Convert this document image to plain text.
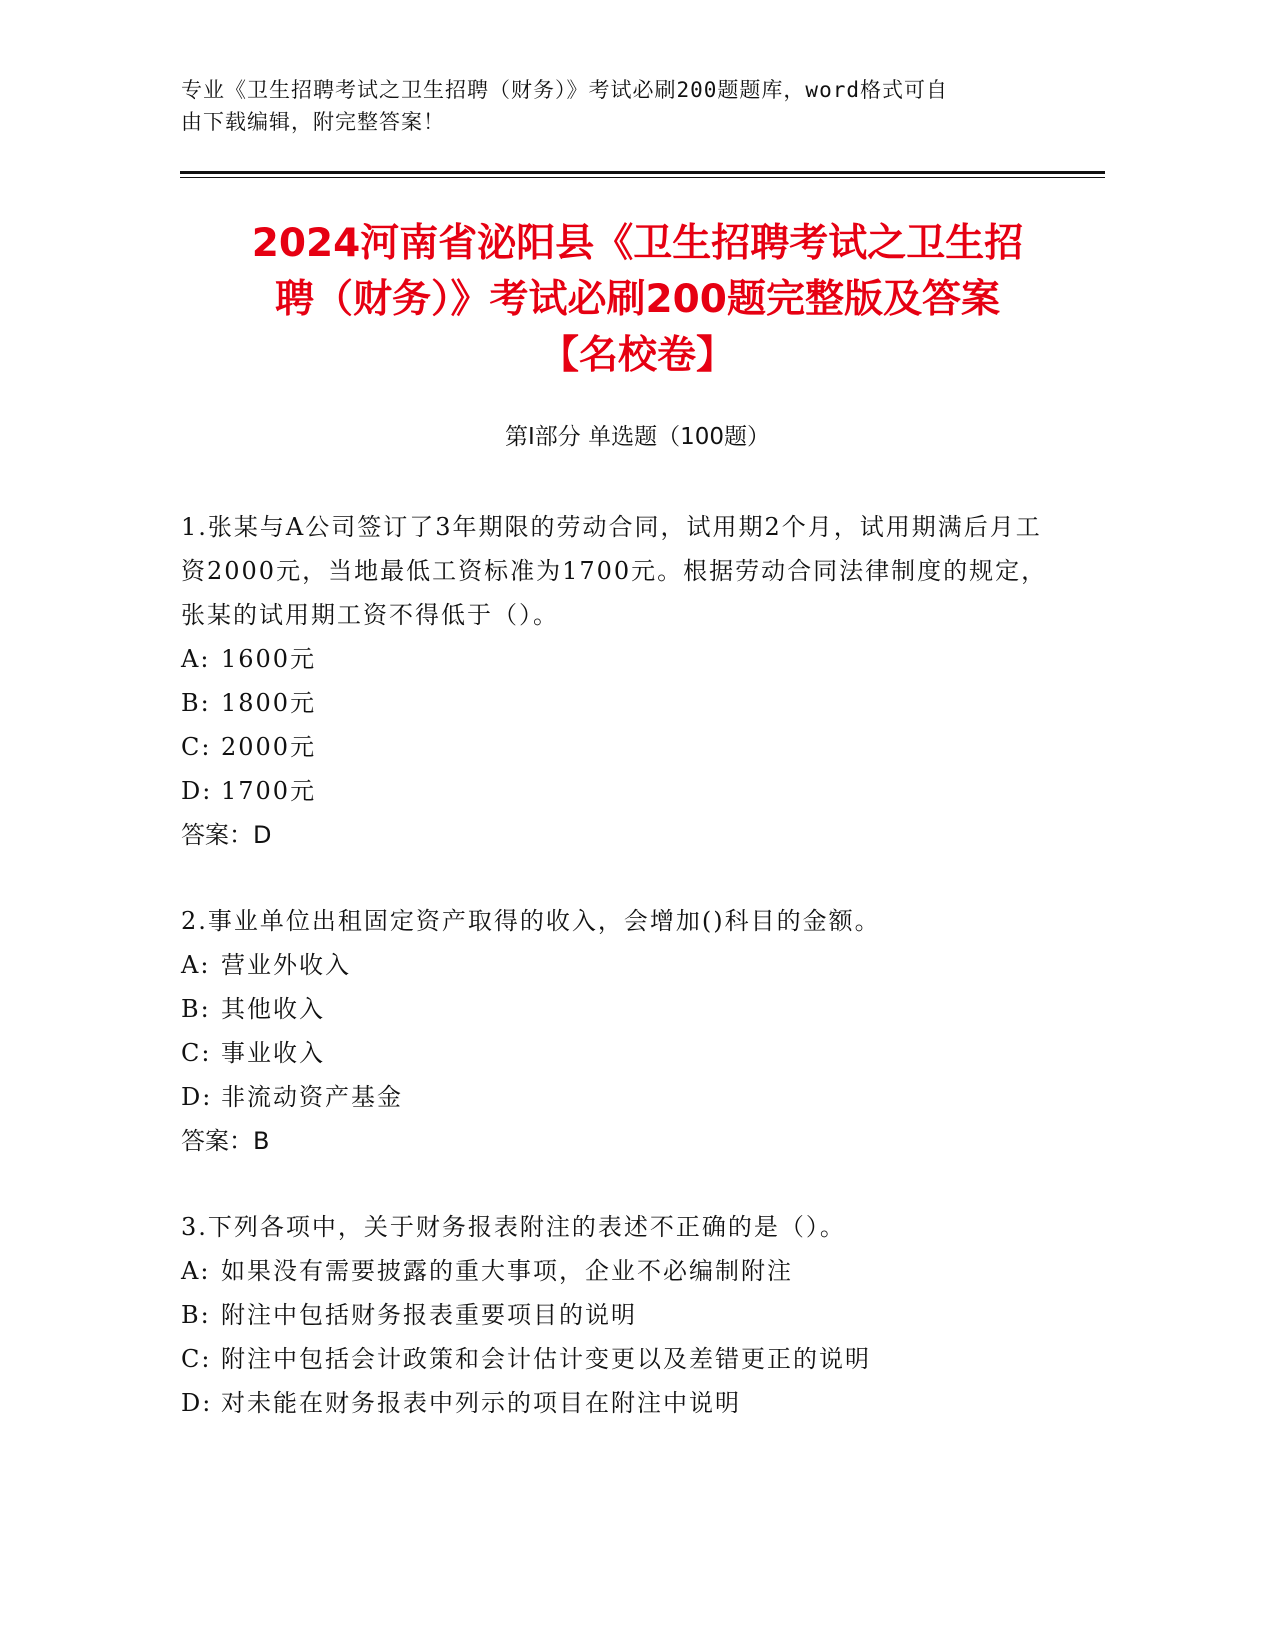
专业《卫生招聘考试之卫生招聘（财务）》考试必刷200题题库，word格式可自
由下载编辑，附完整答案！
2024河南省泌阳县《卫生招聘考试之卫生招
聘（财务）》考试必刷200题完整版及答案
【名校卷】
第Ⅰ部分 单选题（100题）

1.张某与A公司签订了3年期限的劳动合同，试用期2个月，试用期满后月工资2000元，当地最低工资标准为1700元。根据劳动合同法律制度的规定，张某的试用期工资不得低于（）。

A: 1600元
B: 1800元
C: 2000元
D: 1700元

答案：D

2.事业单位出租固定资产取得的收入，会增加()科目的金额。

A: 营业外收入
B: 其他收入
C: 事业收入
D: 非流动资产基金

答案：B

3.下列各项中，关于财务报表附注的表述不正确的是（）。

A: 如果没有需要披露的重大事项，企业不必编制附注
B: 附注中包括财务报表重要项目的说明
C: 附注中包括会计政策和会计估计变更以及差错更正的说明
D: 对未能在财务报表中列示的项目在附注中说明
